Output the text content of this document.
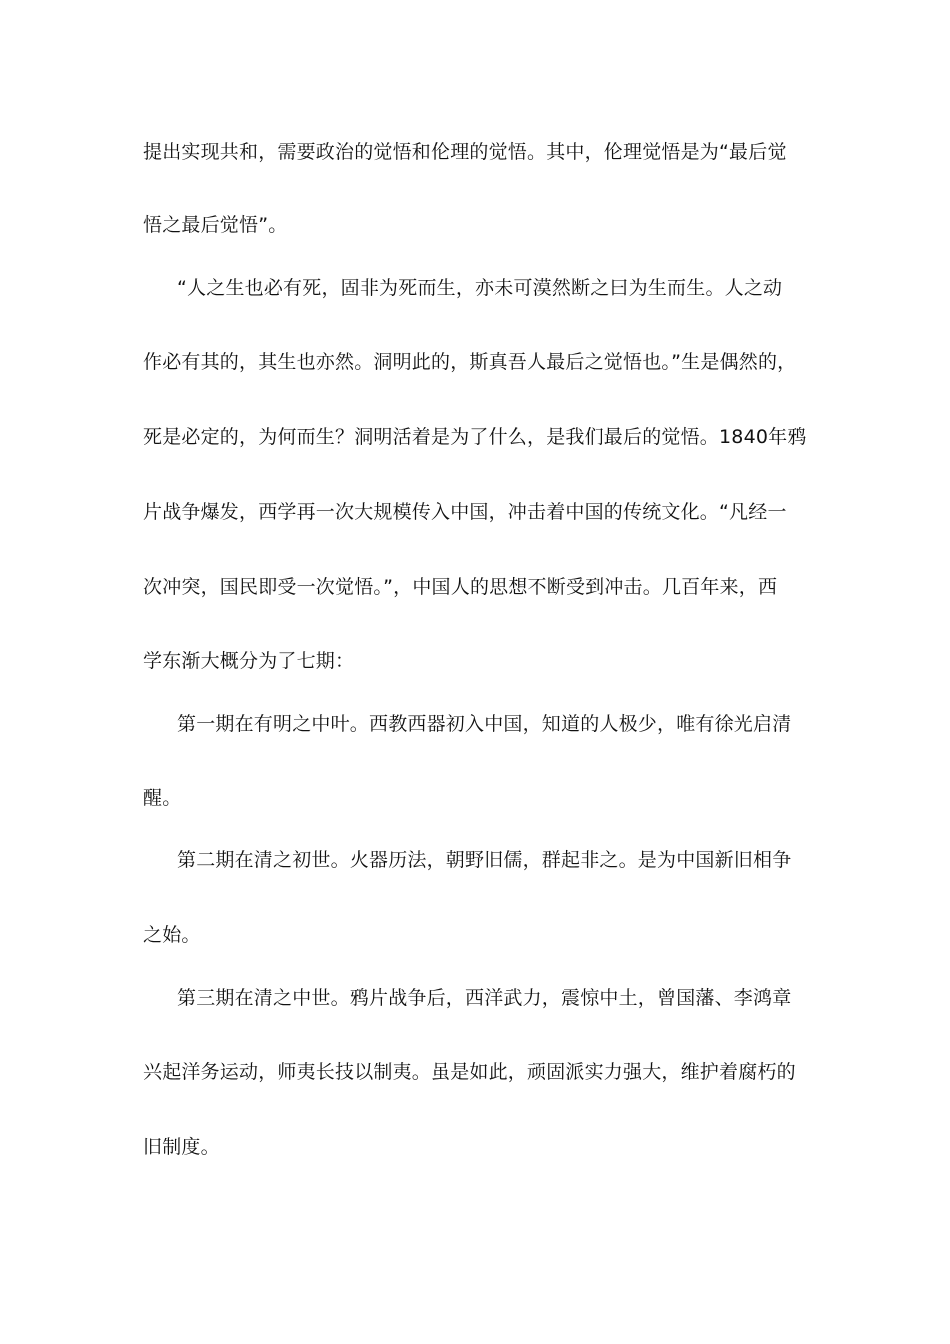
提出实现共和，需要政治的觉悟和伦理的觉悟。其中，伦理觉悟是为“最后觉
悟之最后觉悟”。
“人之生也必有死，固非为死而生，亦未可漠然断之曰为生而生。人之动
作必有其的，其生也亦然。洞明此的，斯真吾人最后之觉悟也。”生是偶然的，
死是必定的，为何而生？洞明活着是为了什么，是我们最后的觉悟。1840年鸦
片战争爆发，西学再一次大规模传入中国，冲击着中国的传统文化。“凡经一
次冲突，国民即受一次觉悟。”，中国人的思想不断受到冲击。几百年来，西
学东渐大概分为了七期：
第一期在有明之中叶。西教西器初入中国，知道的人极少，唯有徐光启清
醒。
第二期在清之初世。火器历法，朝野旧儒，群起非之。是为中国新旧相争
之始。
第三期在清之中世。鸦片战争后，西洋武力，震惊中土，曾国藩、李鸿章
兴起洋务运动，师夷长技以制夷。虽是如此，顽固派实力强大，维护着腐朽的
旧制度。
